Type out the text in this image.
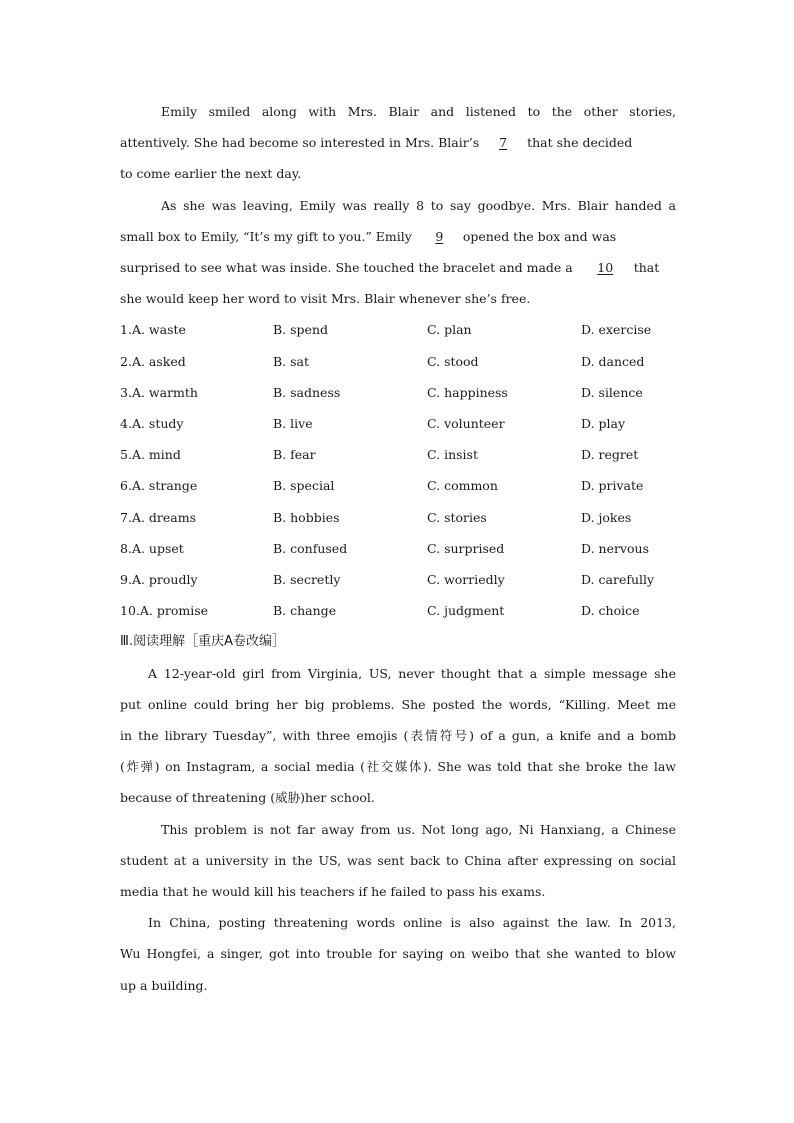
Emily smiled along with Mrs. Blair and listened to the other stories,
attentively. She had become so interested in Mrs. Blair’s 7 that she decided
to come earlier the next day.
As she was leaving, Emily was really 8 to say goodbye. Mrs. Blair handed a
small box to Emily, “It’s my gift to you.” Emily 9 opened the box and was
surprised to see what was inside. She touched the bracelet and made a 10 that
she would keep her word to visit Mrs. Blair whenever she’s free.
1.A. waste	B. spend	C. plan	D. exercise
2.A. asked	B. sat	C. stood	D. danced
3.A. warmth	B. sadness	C. happiness	D. silence
4.A. study	B. live	C. volunteer	D. play
5.A. mind	B. fear	C. insist	D. regret
6.A. strange	B. special	C. common	D. private
7.A. dreams	B. hobbies	C. stories	D. jokes
8.A. upset	B. confused	C. surprised	D. nervous
9.A. proudly	B. secretly	C. worriedly	D. carefully
10.A. promise	B. change	C. judgment	D. choice
Ⅲ.阅读理解［重庆A卷改编］
A 12-year-old girl from Virginia, US, never thought that a simple message she
put online could bring her big problems. She posted the words, “Killing. Meet me
in the library Tuesday”, with three emojis (表情符号) of a gun, a knife and a bomb
(炸弹) on Instagram, a social media (社交媒体). She was told that she broke the law
because of threatening (威胁)her school.
This problem is not far away from us. Not long ago, Ni Hanxiang, a Chinese
student at a university in the US, was sent back to China after expressing on social
media that he would kill his teachers if he failed to pass his exams.
In China, posting threatening words online is also against the law. In 2013,
Wu Hongfei, a singer, got into trouble for saying on weibo that she wanted to blow
up a building.
